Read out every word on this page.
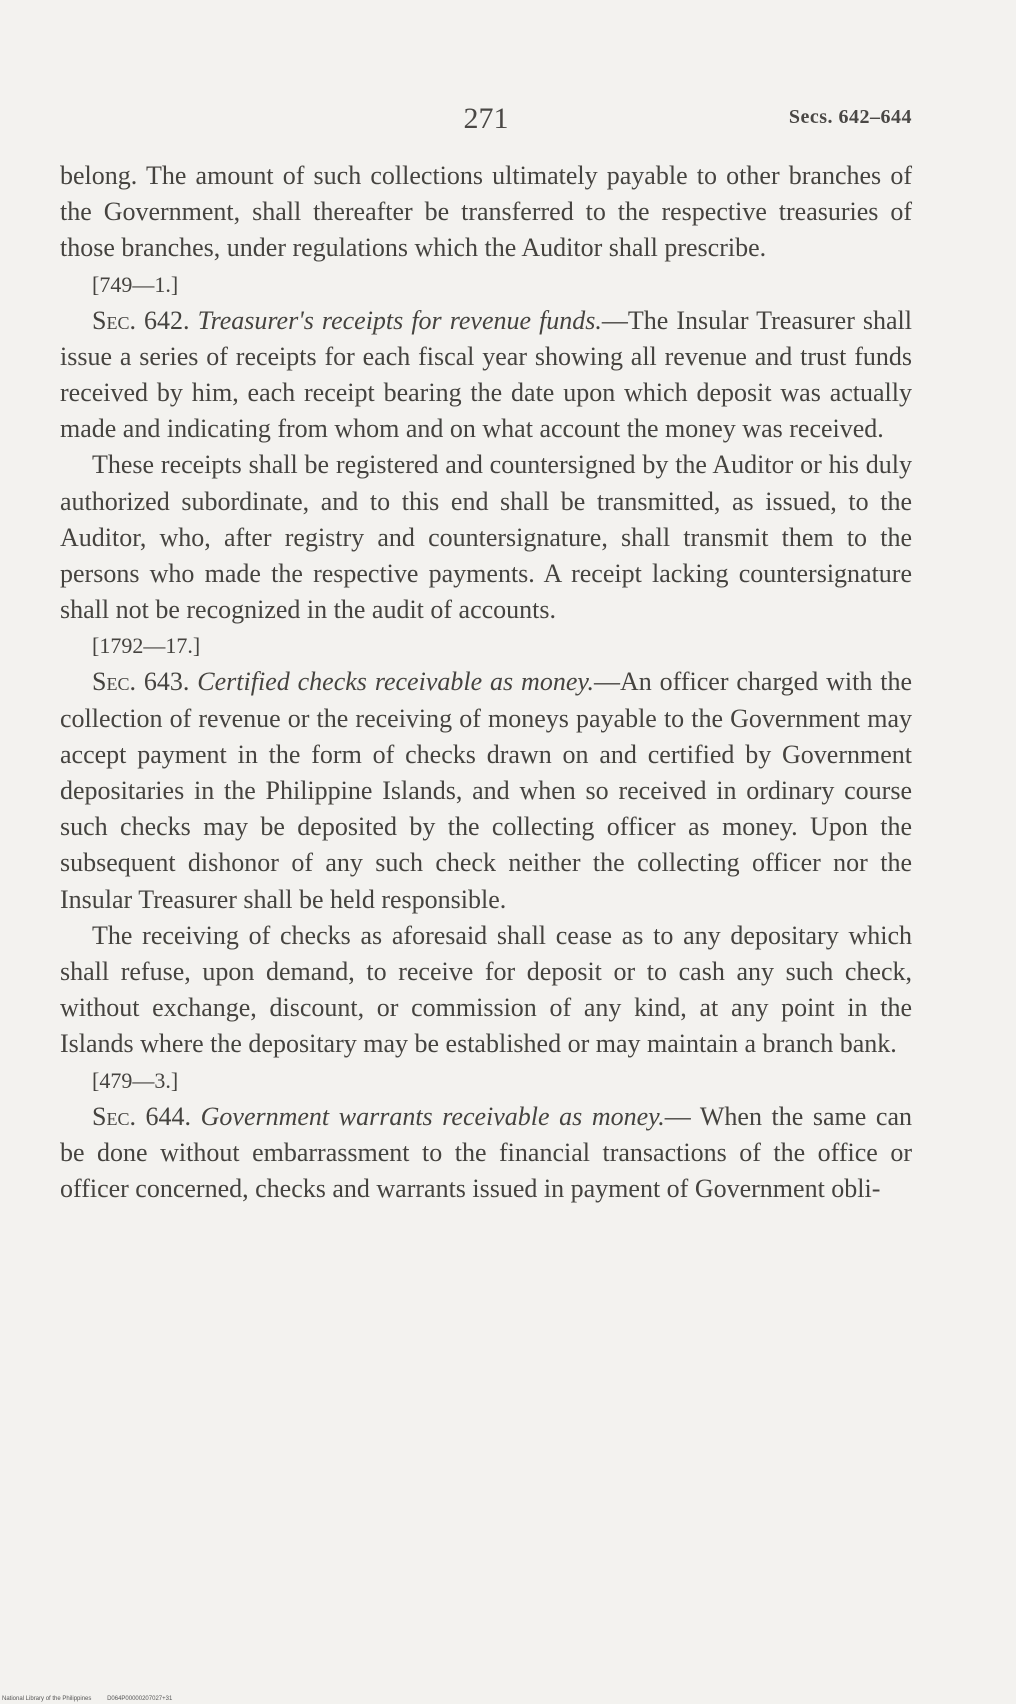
271	Secs. 642–644

belong. The amount of such collections ultimately payable to other branches of the Government, shall thereafter be transferred to the respective treasuries of those branches, under regulations which the Auditor shall prescribe.

[749—1.]

Sec. 642. Treasurer's receipts for revenue funds.—The Insular Treasurer shall issue a series of receipts for each fiscal year showing all revenue and trust funds received by him, each receipt bearing the date upon which deposit was actually made and indicating from whom and on what account the money was received.

These receipts shall be registered and countersigned by the Auditor or his duly authorized subordinate, and to this end shall be transmitted, as issued, to the Auditor, who, after registry and countersignature, shall transmit them to the persons who made the respective payments. A receipt lacking countersignature shall not be recognized in the audit of accounts.

[1792—17.]

Sec. 643. Certified checks receivable as money.—An officer charged with the collection of revenue or the receiving of moneys payable to the Government may accept payment in the form of checks drawn on and certified by Government depositaries in the Philippine Islands, and when so received in ordinary course such checks may be deposited by the collecting officer as money. Upon the subsequent dishonor of any such check neither the collecting officer nor the Insular Treasurer shall be held responsible.

The receiving of checks as aforesaid shall cease as to any depositary which shall refuse, upon demand, to receive for deposit or to cash any such check, without exchange, discount, or commission of any kind, at any point in the Islands where the depositary may be established or may maintain a branch bank.

[479—3.]

Sec. 644. Government warrants receivable as money.— When the same can be done without embarrassment to the financial transactions of the office or officer concerned, checks and warrants issued in payment of Government obli-

National Library of the Philippines	D064P00000207027+31
